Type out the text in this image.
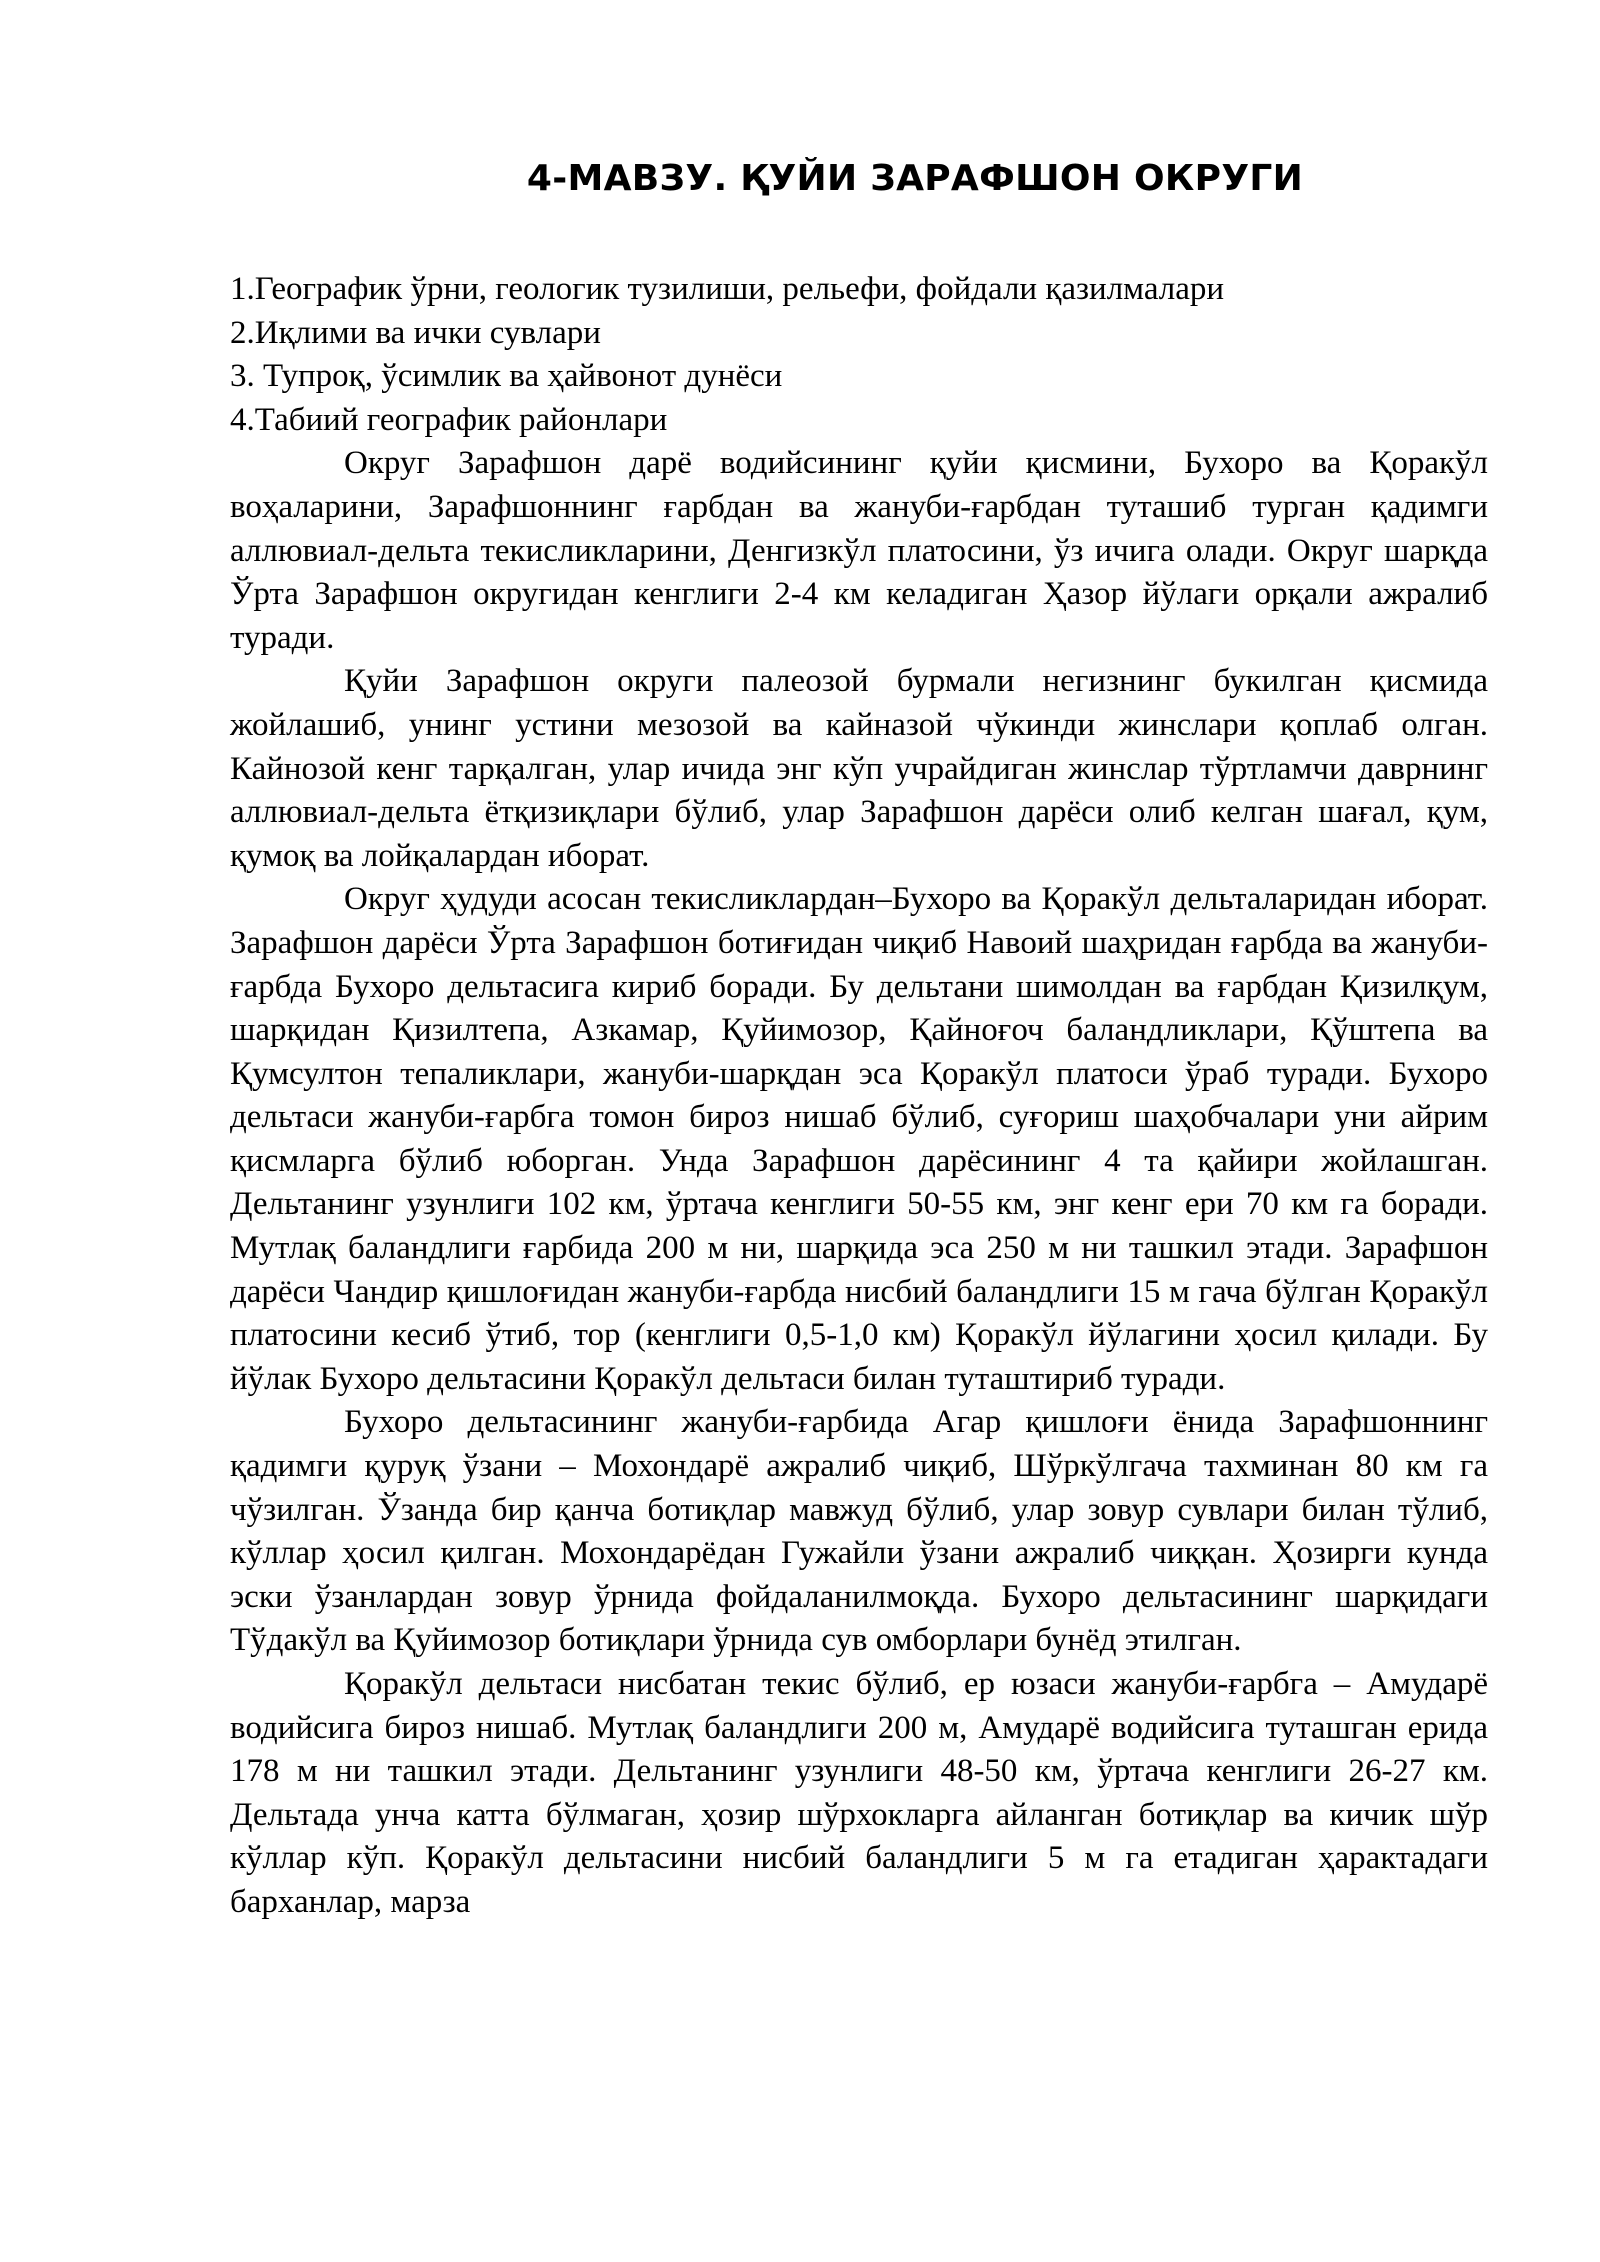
4-МАВЗУ. ҚУЙИ ЗАРАФШОН ОКРУГИ

1.Географик ўрни, геологик тузилиши, рельефи, фойдали қазилмалари

2.Иқлими ва ички сувлари

3. Тупроқ, ўсимлик ва ҳайвонот дунёси

4.Табиий географик районлари

Округ Зарафшон дарё водийсининг қуйи қисмини, Бухоро ва Қоракўл воҳаларини, Зарафшоннинг ғарбдан ва жануби-ғарбдан туташиб турган қадимги аллювиал-дельта текисликларини, Денгизкўл платосини, ўз ичига олади. Округ шарқда Ўрта Зарафшон округидан кенглиги 2-4 км келадиган Ҳазор йўлаги орқали ажралиб туради.

Қуйи Зарафшон округи палеозой бурмали негизнинг букилган қисмида жойлашиб, унинг устини мезозой ва кайназой чўкинди жинслари қоплаб олган. Кайнозой кенг тарқалган, улар ичида энг кўп учрайдиган жинслар тўртламчи даврнинг аллювиал-дельта ётқизиқлари бўлиб, улар Зарафшон дарёси олиб келган шағал, қум, қумоқ ва лойқалардан иборат.

Округ ҳудуди асосан текисликлардан–Бухоро ва Қоракўл дельталаридан иборат. Зарафшон дарёси Ўрта Зарафшон ботиғидан чиқиб Навоий шаҳридан ғарбда ва жануби-ғарбда Бухоро дельтасига кириб боради. Бу дельтани шимолдан ва ғарбдан Қизилқум, шарқидан Қизилтепа, Азкамар, Қуйимозор, Қайноғоч баландликлари, Қўштепа ва Қумсултон тепаликлари, жануби-шарқдан эса Қоракўл платоси ўраб туради. Бухоро дельтаси жануби-ғарбга томон бироз нишаб бўлиб, суғориш шаҳобчалари уни айрим қисмларга бўлиб юборган. Унда Зарафшон дарёсининг 4 та қайири жойлашган. Дельтанинг узунлиги 102 км, ўртача кенглиги 50-55 км, энг кенг ери 70 км га боради. Мутлақ баландлиги ғарбида 200 м ни, шарқида эса 250 м ни ташкил этади. Зарафшон дарёси Чандир қишлоғидан жануби-ғарбда нисбий баландлиги 15 м гача бўлган Қоракўл платосини кесиб ўтиб, тор (кенглиги 0,5-1,0 км) Қоракўл йўлагини ҳосил қилади. Бу йўлак Бухоро дельтасини Қоракўл дельтаси билан туташтириб туради.

Бухоро дельтасининг жануби-ғарбида Агар қишлоғи ёнида Зарафшоннинг қадимги қуруқ ўзани – Мохондарё ажралиб чиқиб, Шўркўлгача тахминан 80 км га чўзилган. Ўзанда бир қанча ботиқлар мавжуд бўлиб, улар зовур сувлари билан тўлиб, кўллар ҳосил қилган. Мохондарёдан Гужайли ўзани ажралиб чиққан. Ҳозирги кунда эски ўзанлардан зовур ўрнида фойдаланилмоқда. Бухоро дельтасининг шарқидаги Тўдакўл ва Қуйимозор ботиқлари ўрнида сув омборлари бунёд этилган.

Қоракўл дельтаси нисбатан текис бўлиб, ер юзаси жануби-ғарбга – Амударё водийсига бироз нишаб. Мутлақ баландлиги 200 м, Амударё водийсига туташган ерида 178 м ни ташкил этади. Дельтанинг узунлиги 48-50 км, ўртача кенглиги 26-27 км. Дельтада унча катта бўлмаган, ҳозир шўрхокларга айланган ботиқлар ва кичик шўр кўллар кўп. Қоракўл дельтасини нисбий баландлиги 5 м га етадиган ҳарактадаги барханлар, марза
